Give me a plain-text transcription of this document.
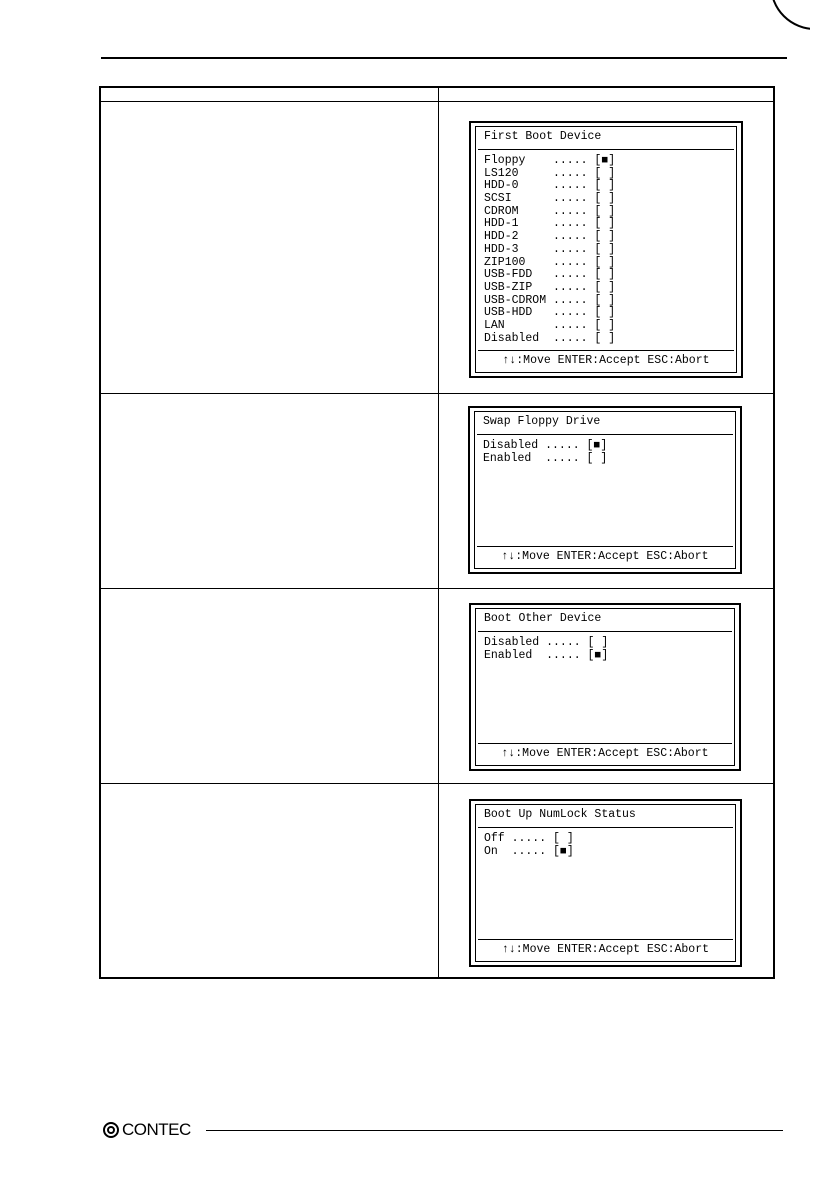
First Boot Device
Floppy ..... [■]
LS120	..... [ ]
HDD-0	..... [ ]
SCSI	..... [ ]
CDROM	..... [ ]
HDD-1	..... [ ]
HDD-2	..... [ ]
HDD-3	..... [ ]
ZIP100 ..... [ ]
USB-FDD ..... [ ]
USB-ZIP ..... [ ]
USB-CDROM ..... [ ]
USB-HDD ..... [ ]
LAN	..... [ ]
Disabled ..... [ ]
↑↓:Move ENTER:Accept ESC:Abort
Swap Floppy Drive
Disabled ..... [■]
Enabled ..... [ ]
↑↓:Move ENTER:Accept ESC:Abort
Boot Other Device
Disabled ..... [ ]
Enabled ..... [■]
↑↓:Move ENTER:Accept ESC:Abort
Boot Up NumLock Status
Off ..... [ ]
On ..... [■]
↑↓:Move ENTER:Accept ESC:Abort
CONTEC
